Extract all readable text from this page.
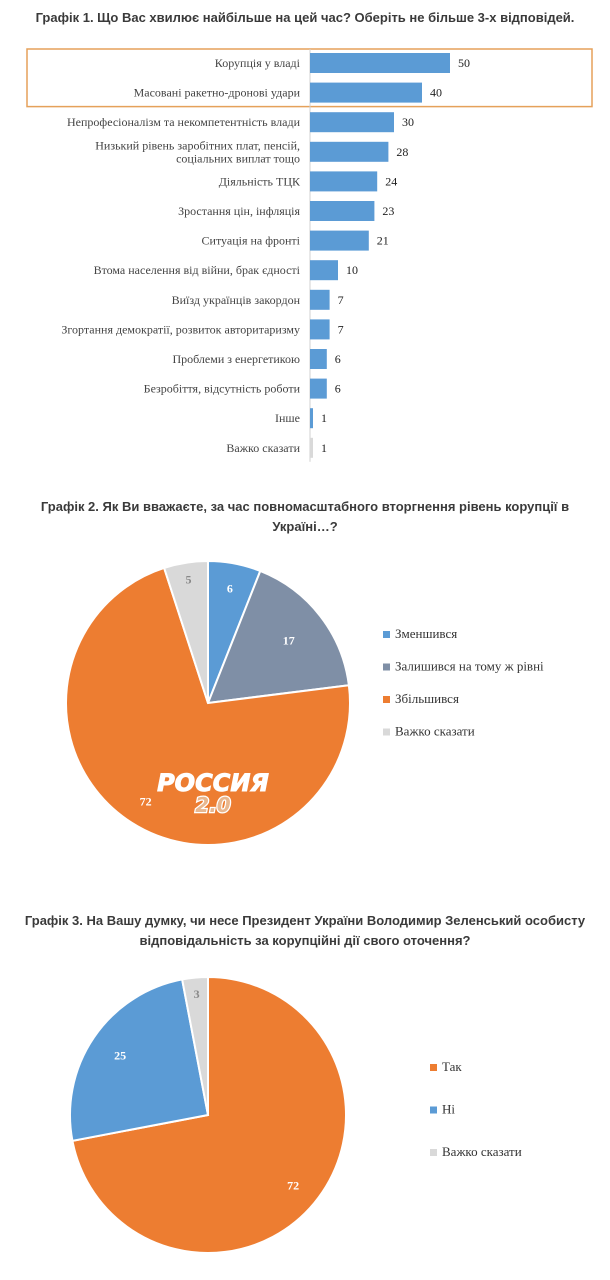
Графік 1. Що Вас хвилює найбільше на цей час? Оберіть не більше 3-х відповідей.
50
Корупція у владі
40
Масовані ракетно-дронові удари
30
Непрофесіоналізм та некомпетентність влади
28
Низький рівень заробітних плат, пенсій,
соціальних виплат тощо
24
Діяльність ТЦК
23
Зростання цін, інфляція
21
Ситуація на фронті
10
Втома населення від війни, брак єдності
7
Виїзд українців закордон
7
Згортання демократії, розвиток авторитаризму
6
Проблеми з енергетикою
6
Безробіття, відсутність роботи
1
Інше
1
Важко сказати
Графік 2. Як Ви вважаєте, за час повномасштабного вторгнення рівень корупції в Україні…?
6
17
72
5
Зменшився
Залишився на тому ж рівні
Збільшився
Важко сказати
РОССИЯ
2.0
Графік 3. На Вашу думку, чи несе Президент України Володимир Зеленський особисту відповідальність за корупційні дії свого оточення?
72
25
3
Так
Ні
Важко сказати
